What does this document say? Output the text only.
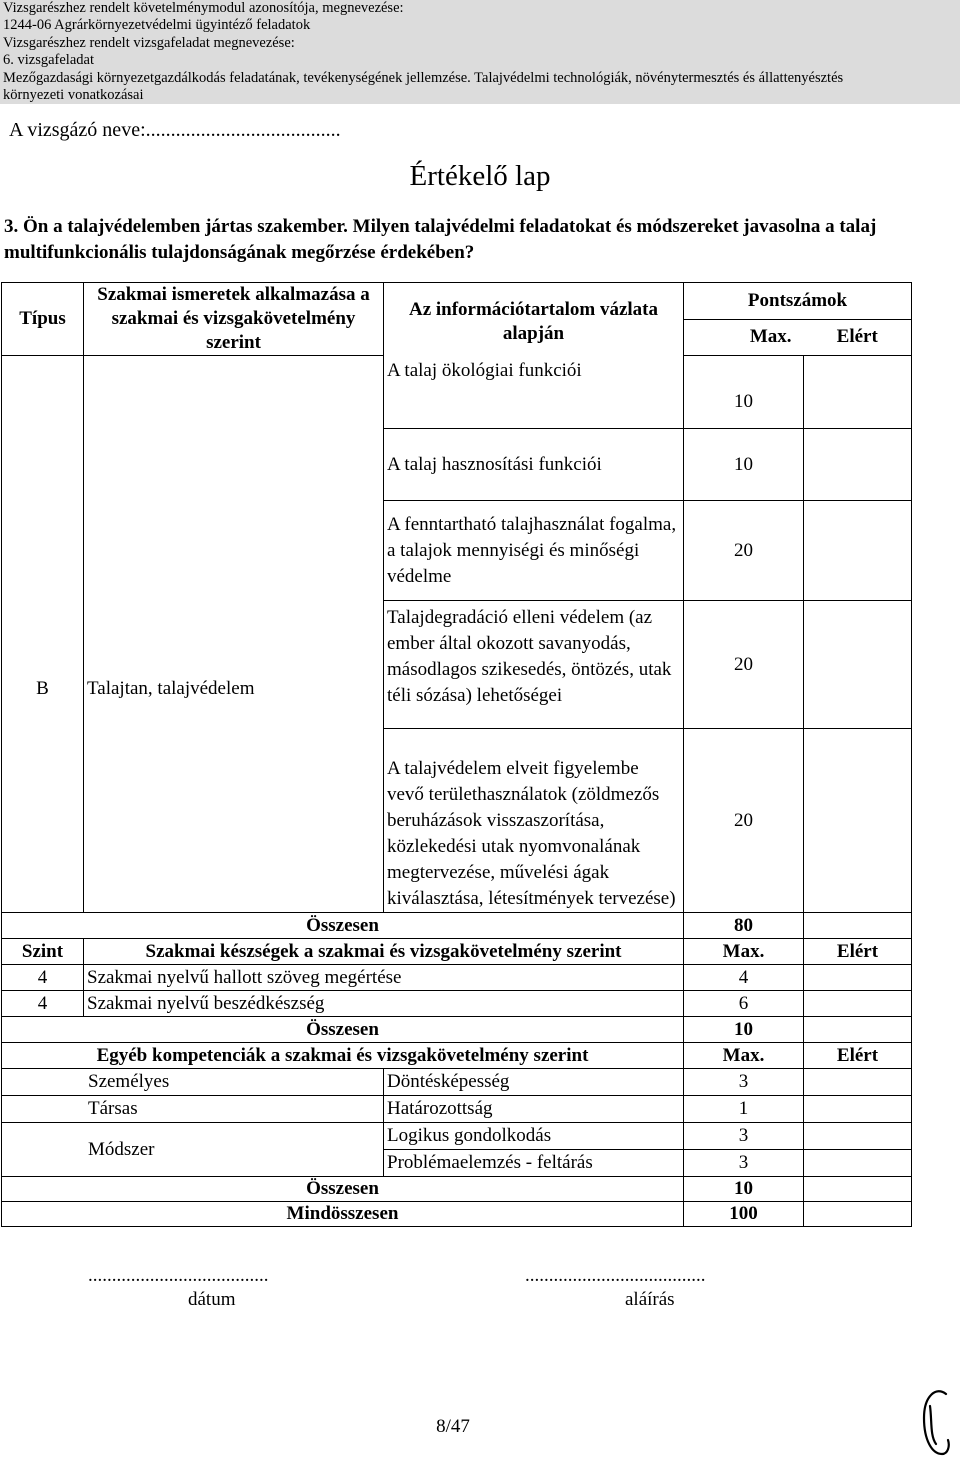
Vizsgarészhez rendelt követelménymodul azonosítója, megnevezése:
1244-06 Agrárkörnyezetvédelmi ügyintéző feladatok
Vizsgarészhez rendelt vizsgafeladat megnevezése:
6. vizsgafeladat
Mezőgazdasági környezetgazdálkodás feladatának, tevékenységének jellemzése. Talajvédelmi technológiák, növénytermesztés és állattenyésztés
környezeti vonatkozásai
A vizsgázó neve:.......................................
Értékelő lap
3. Ön a talajvédelemben jártas szakember. Milyen talajvédelmi feladatokat és módszereket javasolna a talaj multifunkcionális tulajdonságának megőrzése érdekében?
Típus	Szakmai ismeretek alkalmazása a szakmai és vizsgakövetelmény szerint	Az információtartalom vázlata alapján	Pontszámok	
			Max.	Elért
B	Talajtan, talajvédelem	A talaj ökológiai funkciói	10	
		A talaj hasznosítási funkciói	10	
		A fenntartható talajhasználat fogalma, a talajok mennyiségi és minőségi védelme	20	
		Talajdegradáció elleni védelem (az ember által okozott savanyodás, másodlagos szikesedés, öntözés, utak téli sózása) lehetőségei	20	
		A talajvédelem elveit figyelembe vevő területhasználatok (zöldmezős beruházások visszaszorítása, közlekedési utak nyomvonalának megtervezése, művelési ágak kiválasztása, létesítmények tervezése)	20	
Összesen			80	
Szint	Szakmai készségek a szakmai és vizsgakövetelmény szerint		Max.	Elért
4	Szakmai nyelvű hallott szöveg megértése		4	
4	Szakmai nyelvű beszédkészség		6	
Összesen			10	
Egyéb kompetenciák a szakmai és vizsgakövetelmény szerint			Max.	Elért
Személyes		Döntésképesség	3	
Társas		Határozottság	1	
Módszer		Logikus gondolkodás	3	
		Problémaelemzés - feltárás	3	
Összesen			10	
Mindösszesen			100	
......................................
dátum
......................................
aláírás
8/47
